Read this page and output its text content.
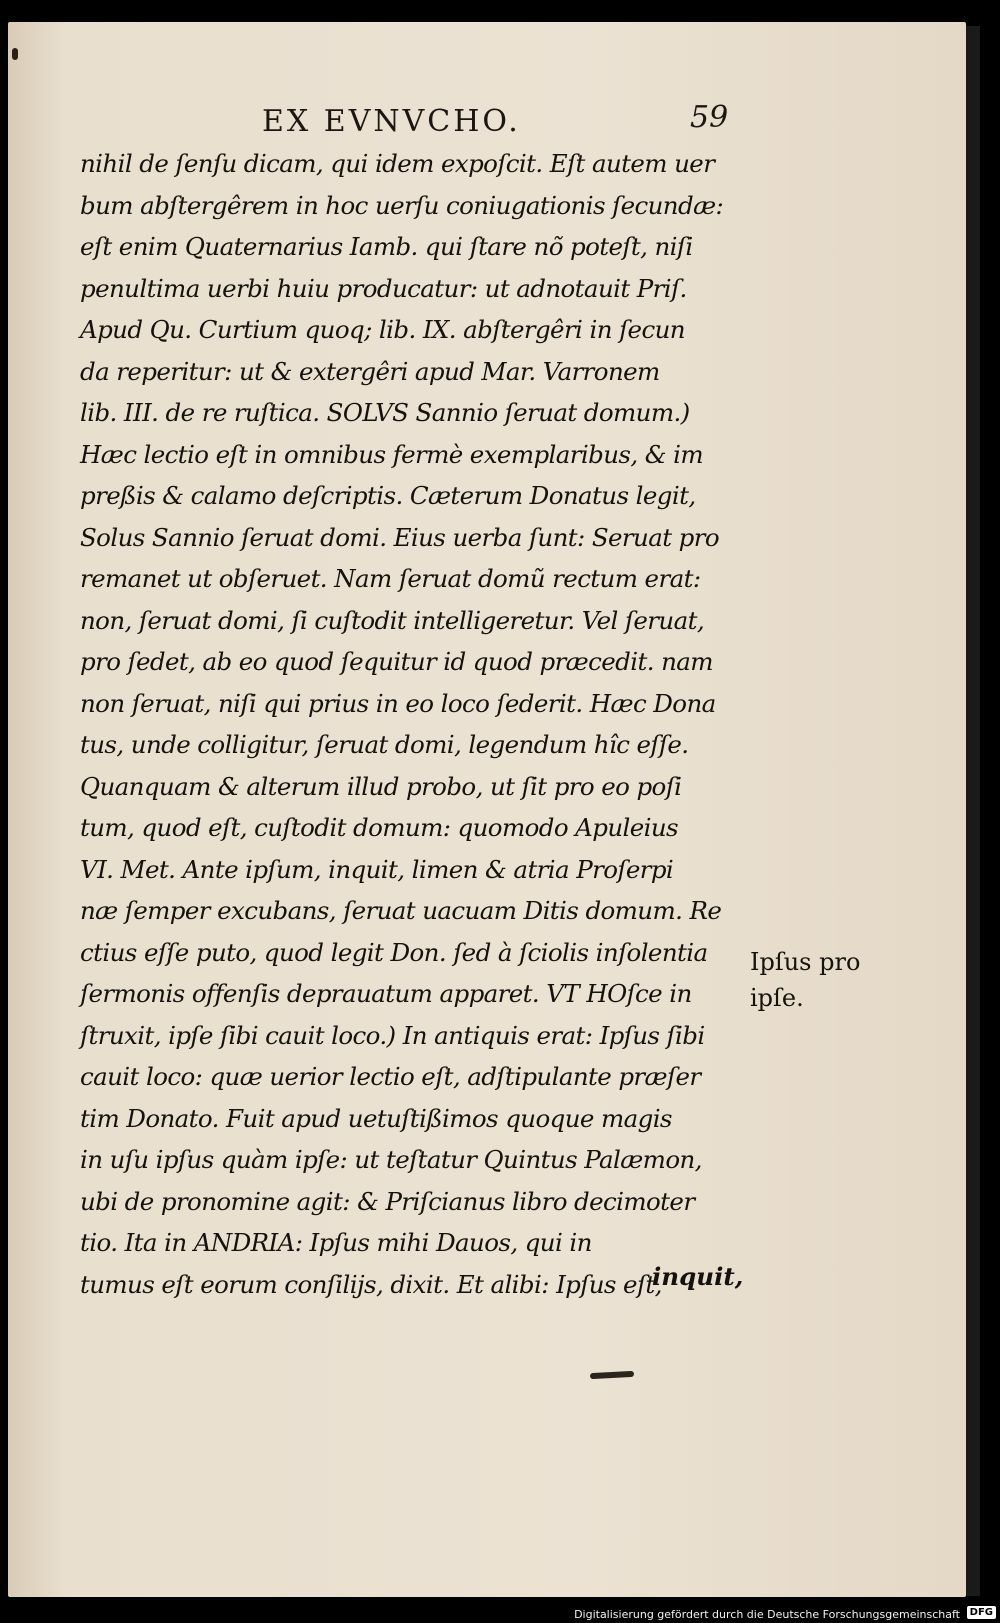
EX EVNVCHO.	59
nihil de ſenſu dicam, qui idem expoſcit. Eſt autem uer
bum abſtergêrem in hoc uerſu coniugationis ſecundæ:
eſt enim Quaternarius Iamb. qui ſtare nõ poteſt, niſi
penultima uerbi huiu producatur: ut adnotauit Priſ.
Apud Qu. Curtium quoq; lib. IX. abſtergêri in ſecun
da reperitur: ut & extergêri apud Mar. Varronem
lib. III. de re ruſtica. SOLVS Sannio ſeruat domum.)
Hæc lectio eſt in omnibus fermè exemplaribus, & im
preßis & calamo deſcriptis. Cæterum Donatus legit,
Solus Sannio ſeruat domi. Eius uerba ſunt: Seruat pro
remanet ut obſeruet. Nam ſeruat domũ rectum erat:
non, ſeruat domi, ſi cuſtodit intelligeretur. Vel ſeruat,
pro ſedet, ab eo quod ſequitur id quod præcedit. nam
non ſeruat, niſi qui prius in eo loco ſederit. Hæc Dona
tus, unde colligitur, ſeruat domi, legendum hîc eſſe.
Quanquam & alterum illud probo, ut ſit pro eo poſi
tum, quod eſt, cuſtodit domum: quomodo Apuleius
VI. Met. Ante ipſum, inquit, limen & atria Proſerpi
næ ſemper excubans, ſeruat uacuam Ditis domum. Re
ctius eſſe puto, quod legit Don. ſed à ſciolis inſolentia
ſermonis offenſis deprauatum apparet. VT HOſce in
ſtruxit, ipſe ſibi cauit loco.) In antiquis erat: Ipſus ſibi
cauit loco: quæ uerior lectio eſt, adſtipulante præſer
tim Donato. Fuit apud uetuſtißimos quoque magis
in uſu ipſus quàm ipſe: ut teſtatur Quintus Palæmon,
ubi de pronomine agit: & Priſcianus libro decimoter
tio. Ita in ANDRIA: Ipſus mihi Dauos, qui in
tumus eſt eorum conſilijs, dixit. Et alibi: Ipſus eſt,
Ipſus pro
ipſe.
inquit,
Digitalisierung gefördert durch die Deutsche Forschungsgemeinschaft DFG
